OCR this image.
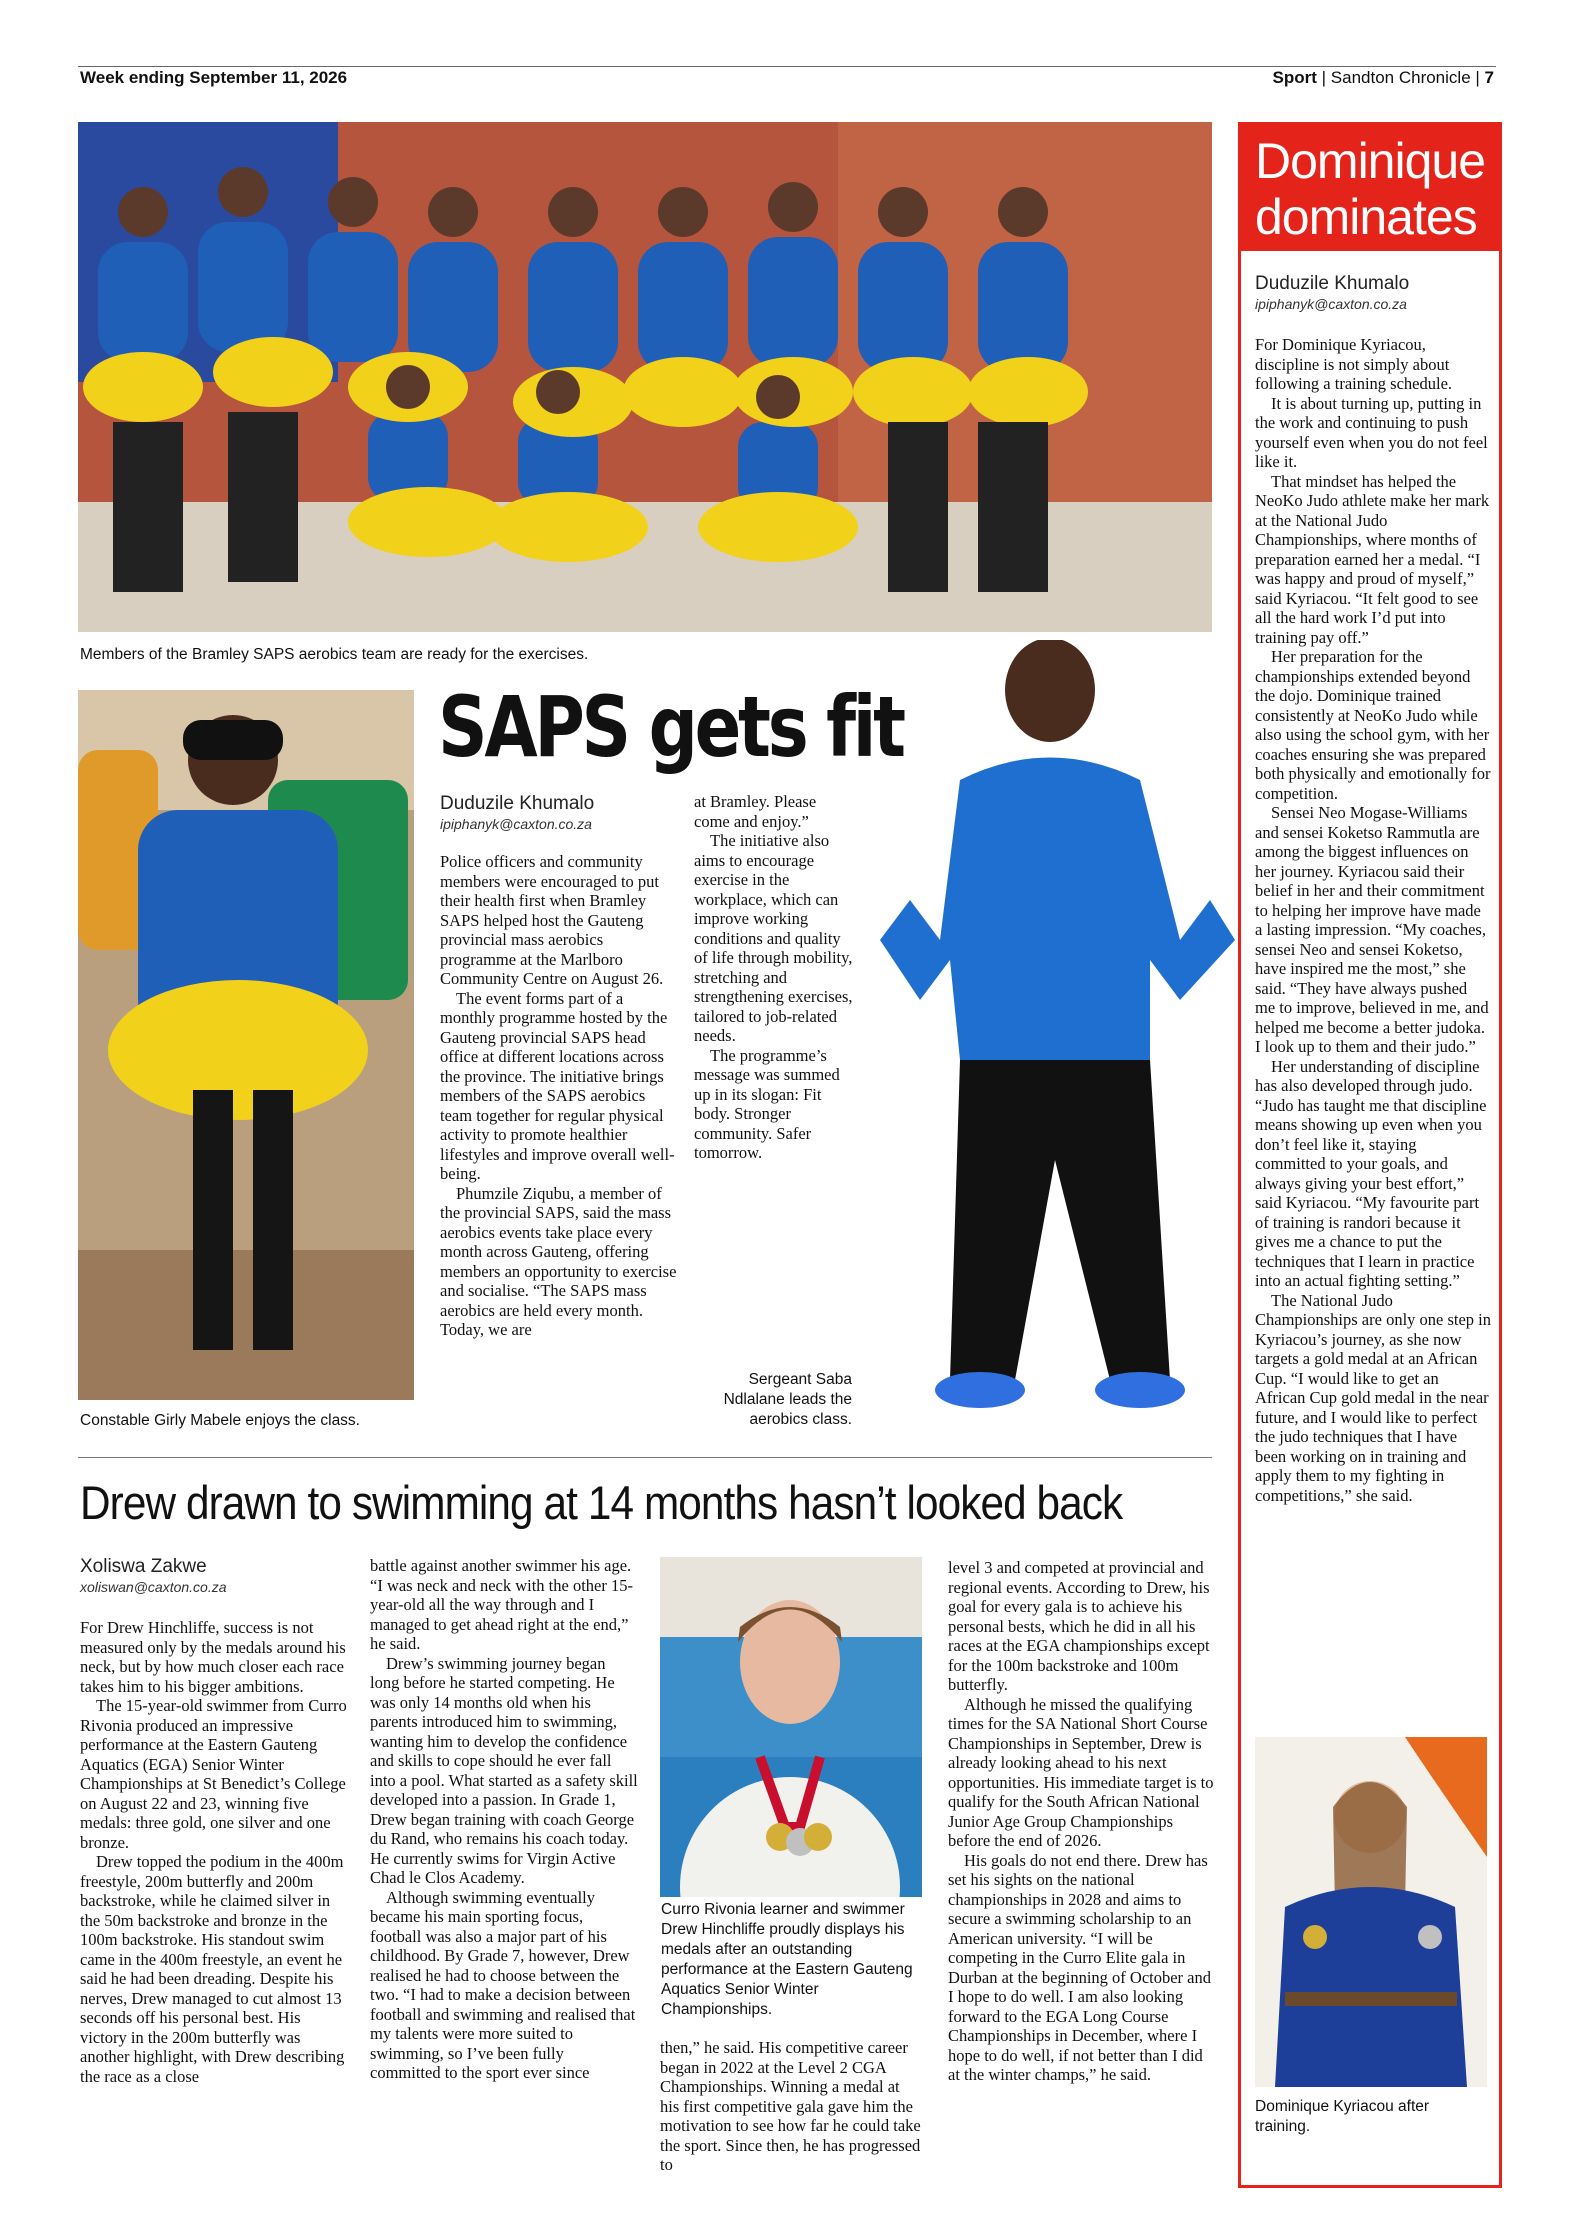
Week ending September 11, 2026	Sport | Sandton Chronicle | 7
Members of the Bramley SAPS aerobics team are ready for the exercises.
Constable Girly Mabele enjoys the class.
SAPS gets fit
Duduzile Khumalo
ipiphanyk@caxton.co.za

Police officers and community members were encouraged to put their health first when Bramley SAPS helped host the Gauteng provincial mass aerobics programme at the Marlboro Community Centre on August 26.

The event forms part of a monthly programme hosted by the Gauteng provincial SAPS head office at different locations across the province. The initiative brings members of the SAPS aerobics team together for regular physical activity to promote healthier lifestyles and improve overall well-being.

Phumzile Ziqubu, a member of the provincial SAPS, said the mass aerobics events take place every month across Gauteng, offering members an opportunity to exercise and socialise. “The SAPS mass aerobics are held every month. Today, we are

at Bramley. Please come and enjoy.”

The initiative also aims to encourage exercise in the workplace, which can improve working conditions and quality of life through mobility, stretching and strengthening exercises, tailored to job-related needs.

The programme’s message was summed up in its slogan: Fit body. Stronger community. Safer tomorrow.

Sergeant Saba Ndlalane leads the aerobics class.
Drew drawn to swimming at 14 months hasn’t looked back
Xoliswa Zakwe
xoliswan@caxton.co.za

For Drew Hinchliffe, success is not measured only by the medals around his neck, but by how much closer each race takes him to his bigger ambitions.

The 15-year-old swimmer from Curro Rivonia produced an impressive performance at the Eastern Gauteng Aquatics (EGA) Senior Winter Championships at St Benedict’s College on August 22 and 23, winning five medals: three gold, one silver and one bronze.

Drew topped the podium in the 400m freestyle, 200m butterfly and 200m backstroke, while he claimed silver in the 50m backstroke and bronze in the 100m backstroke. His standout swim came in the 400m freestyle, an event he said he had been dreading. Despite his nerves, Drew managed to cut almost 13 seconds off his personal best. His victory in the 200m butterfly was another highlight, with Drew describing the race as a close

battle against another swimmer his age. “I was neck and neck with the other 15-year-old all the way through and I managed to get ahead right at the end,” he said.

Drew’s swimming journey began long before he started competing. He was only 14 months old when his parents introduced him to swimming, wanting him to develop the confidence and skills to cope should he ever fall into a pool. What started as a safety skill developed into a passion. In Grade 1, Drew began training with coach George du Rand, who remains his coach today. He currently swims for Virgin Active Chad le Clos Academy.

Although swimming eventually became his main sporting focus, football was also a major part of his childhood. By Grade 7, however, Drew realised he had to choose between the two. “I had to make a decision between football and swimming and realised that my talents were more suited to swimming, so I’ve been fully committed to the sport ever since

Curro Rivonia learner and swimmer Drew Hinchliffe proudly displays his medals after an outstanding performance at the Eastern Gauteng Aquatics Senior Winter Championships.

then,” he said. His competitive career began in 2022 at the Level 2 CGA Championships. Winning a medal at his first competitive gala gave him the motivation to see how far he could take the sport. Since then, he has progressed to

level 3 and competed at provincial and regional events. According to Drew, his goal for every gala is to achieve his personal bests, which he did in all his races at the EGA championships except for the 100m backstroke and 100m butterfly.

Although he missed the qualifying times for the SA National Short Course Championships in September, Drew is already looking ahead to his next opportunities. His immediate target is to qualify for the South African National Junior Age Group Championships before the end of 2026.

His goals do not end there. Drew has set his sights on the national championships in 2028 and aims to secure a swimming scholarship to an American university. “I will be competing in the Curro Elite gala in Durban at the beginning of October and I hope to do well. I am also looking forward to the EGA Long Course Championships in December, where I hope to do well, if not better than I did at the winter champs,” he said.

Dominique dominates
Duduzile Khumalo
ipiphanyk@caxton.co.za

For Dominique Kyriacou, discipline is not simply about following a training schedule.

It is about turning up, putting in the work and continuing to push yourself even when you do not feel like it.

That mindset has helped the NeoKo Judo athlete make her mark at the National Judo Championships, where months of preparation earned her a medal. “I was happy and proud of myself,” said Kyriacou. “It felt good to see all the hard work I’d put into training pay off.”

Her preparation for the championships extended beyond the dojo. Dominique trained consistently at NeoKo Judo while also using the school gym, with her coaches ensuring she was prepared both physically and emotionally for competition.

Sensei Neo Mogase-Williams and sensei Koketso Rammutla are among the biggest influences on her journey. Kyriacou said their belief in her and their commitment to helping her improve have made a lasting impression. “My coaches, sensei Neo and sensei Koketso, have inspired me the most,” she said. “They have always pushed me to improve, believed in me, and helped me become a better judoka. I look up to them and their judo.”

Her understanding of discipline has also developed through judo. “Judo has taught me that discipline means showing up even when you don’t feel like it, staying committed to your goals, and always giving your best effort,” said Kyriacou. “My favourite part of training is randori because it gives me a chance to put the techniques that I learn in practice into an actual fighting setting.”

The National Judo Championships are only one step in Kyriacou’s journey, as she now targets a gold medal at an African Cup. “I would like to get an African Cup gold medal in the near future, and I would like to perfect the judo techniques that I have been working on in training and apply them to my fighting in competitions,” she said.

Dominique Kyriacou after training.
